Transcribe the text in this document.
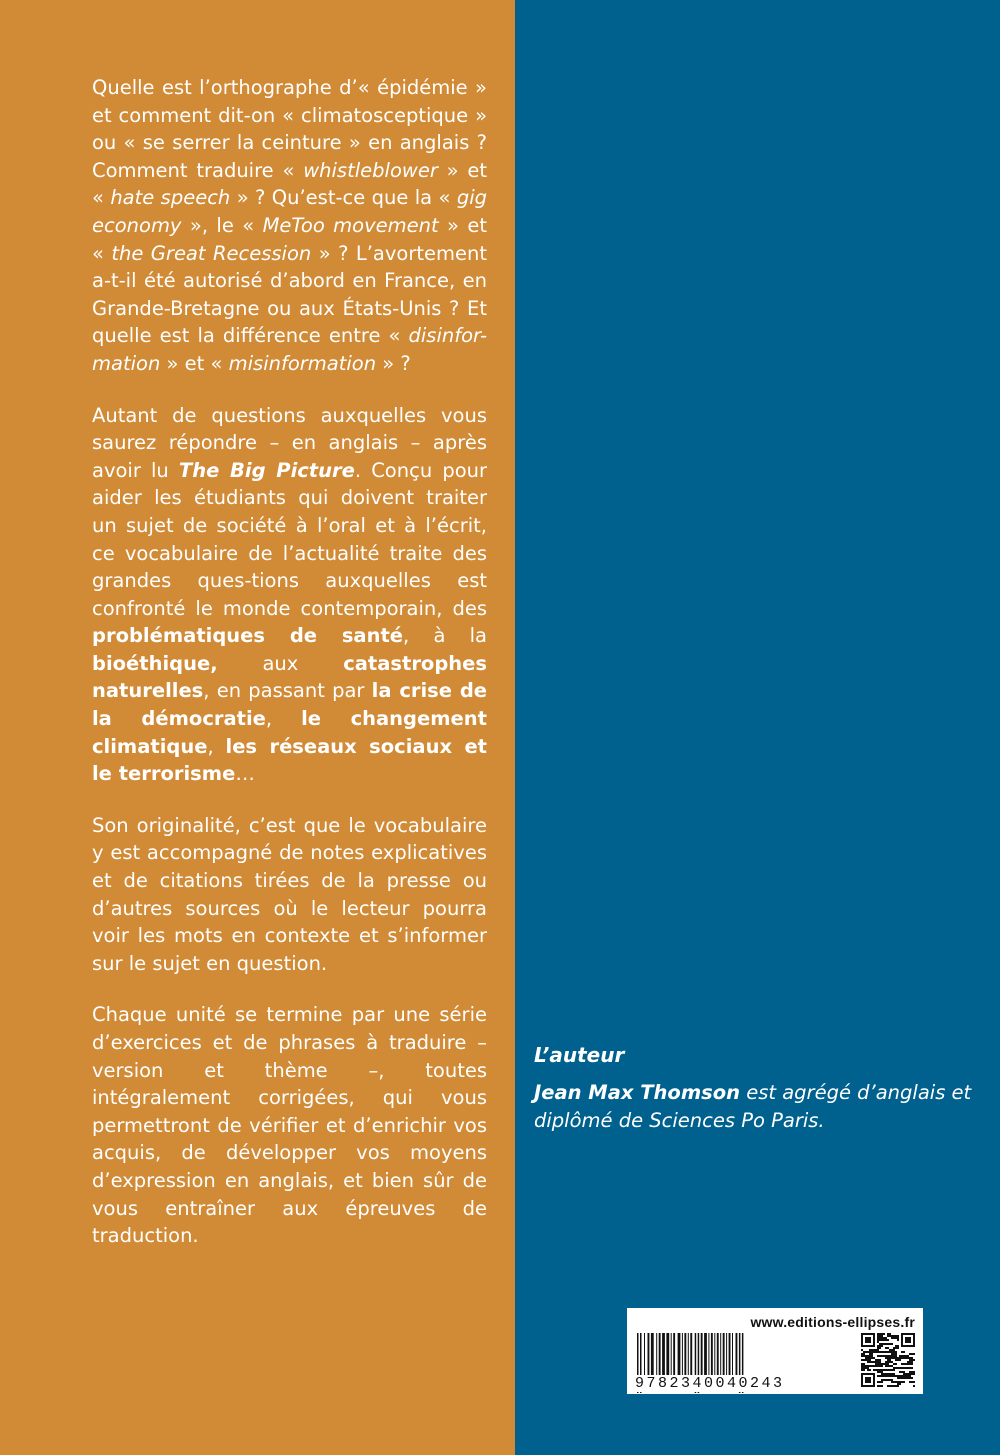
Quelle est l’orthographe d’« épidémie » et comment dit-on « climatosceptique » ou « se serrer la ceinture » en anglais ? Comment traduire « whistleblower » et « hate speech » ? Qu’est-ce que la « gig economy », le « MeToo movement » et « the Great Recession » ? L’avortement a-t-il été autorisé d’abord en France, en Grande-Bretagne ou aux États-Unis ? Et quelle est la différence entre « disinfor-mation » et « misinformation » ?

Autant de questions auxquelles vous saurez répondre – en anglais – après avoir lu The Big Picture. Conçu pour aider les étudiants qui doivent traiter un sujet de société à l’oral et à l’écrit, ce vocabulaire de l’actualité traite des grandes ques-tions auxquelles est confronté le monde contemporain, des problématiques de santé, à la bioéthique, aux catastrophes naturelles, en passant par la crise de la démocratie, le changement climatique, les réseaux sociaux et le terrorisme…

Son originalité, c’est que le vocabulaire y est accompagné de notes explicatives et de citations tirées de la presse ou d’autres sources où le lecteur pourra voir les mots en contexte et s’informer sur le sujet en question.

Chaque unité se termine par une série d’exercices et de phrases à traduire – version et thème –, toutes intégralement corrigées, qui vous permettront de vérifier et d’enrichir vos acquis, de développer vos moyens d’expression en anglais, et bien sûr de vous entraîner aux épreuves de traduction.

L’auteur

Jean Max Thomson est agrégé d’anglais et diplômé de Sciences Po Paris.

www.editions-ellipses.fr

9782340040243
